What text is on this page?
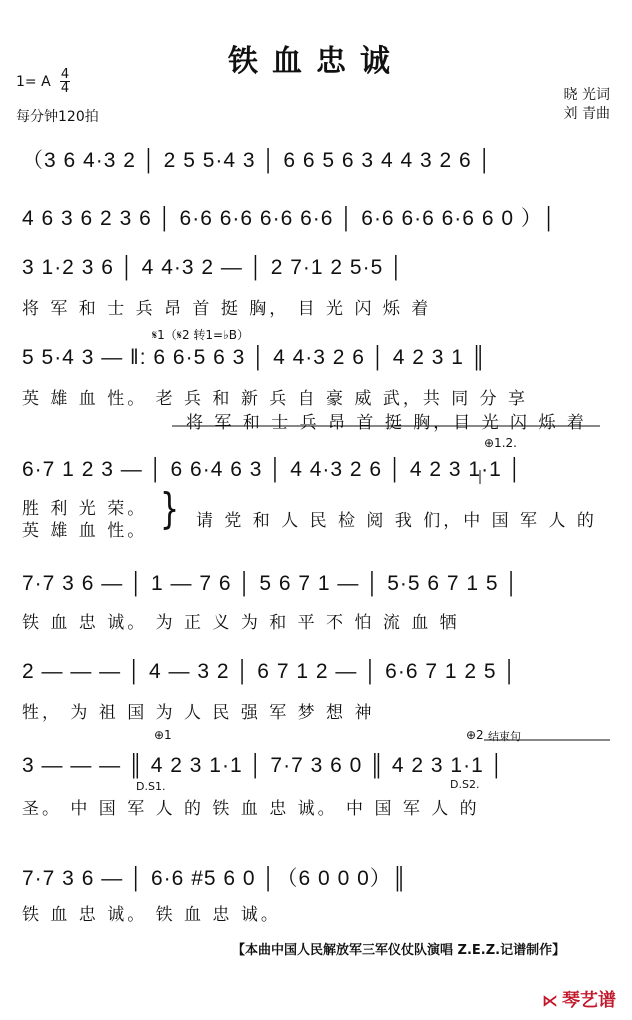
铁血忠诚
1= A 4
4
每分钟120拍
晓 光词
刘 青曲
（3 6 4·3 2 │ 2 5 5·4 3 │ 6 6 5 6 3 4 4 3 2 6 │
4 6 3 6 2 3 6 │ 6·6 6·6 6·6 6·6 │ 6·6 6·6 6·6 6 0 ）│
3 1·2 3 6 │ 4 4·3 2 — │ 2 7·1 2 5·5 │
将 军 和 士 兵 昂 首 挺 胸， 目 光 闪 烁 着
𝄋1（𝄋2 转1=♭B）
5 5·4 3 — ‖: 6 6·5 6 3 │ 4 4·3 2 6 │ 4 2 3 1 ║
英 雄 血 性。 老 兵 和 新 兵 自 豪 威 武，共 同 分 享
将 军 和 士 兵 昂 首 挺 胸，目 光 闪 烁 着
⊕1.2.
6·7 1 2 3 — │ 6 6·4 6 3 │ 4 4·3 2 6 │ 4 2 3 1·1 │
胜 利 光 荣。
英 雄 血 性。 } 请 党 和 人 民 检 阅 我 们，中 国 军 人 的
7·7 3 6 — │ 1 — 7 6 │ 5 6 7 1 — │ 5·5 6 7 1 5 │
铁 血 忠 诚。 为 正 义 为 和 平 不 怕 流 血 牺
2 — — — │ 4 — 3 2 │ 6 7 1 2 — │ 6·6 7 1 2 5 │
牲， 为 祖 国 为 人 民 强 军 梦 想 神
⊕1	⊕2 结束句
3 — — — ║ 4 2 3 1·1 │ 7·7 3 6 0 ║ 4 2 3 1·1 │
D.S1.	D.S2.
圣。 中 国 军 人 的 铁 血 忠 诚。 中 国 军 人 的
7·7 3 6 — │ 6·6 #5 6 0 │（6 0 0 0）║
铁 血 忠 诚。 铁 血 忠 诚。
【本曲中国人民解放军三军仪仗队演唱 Z.E.Z.记谱制作】
⋉ 琴艺谱
